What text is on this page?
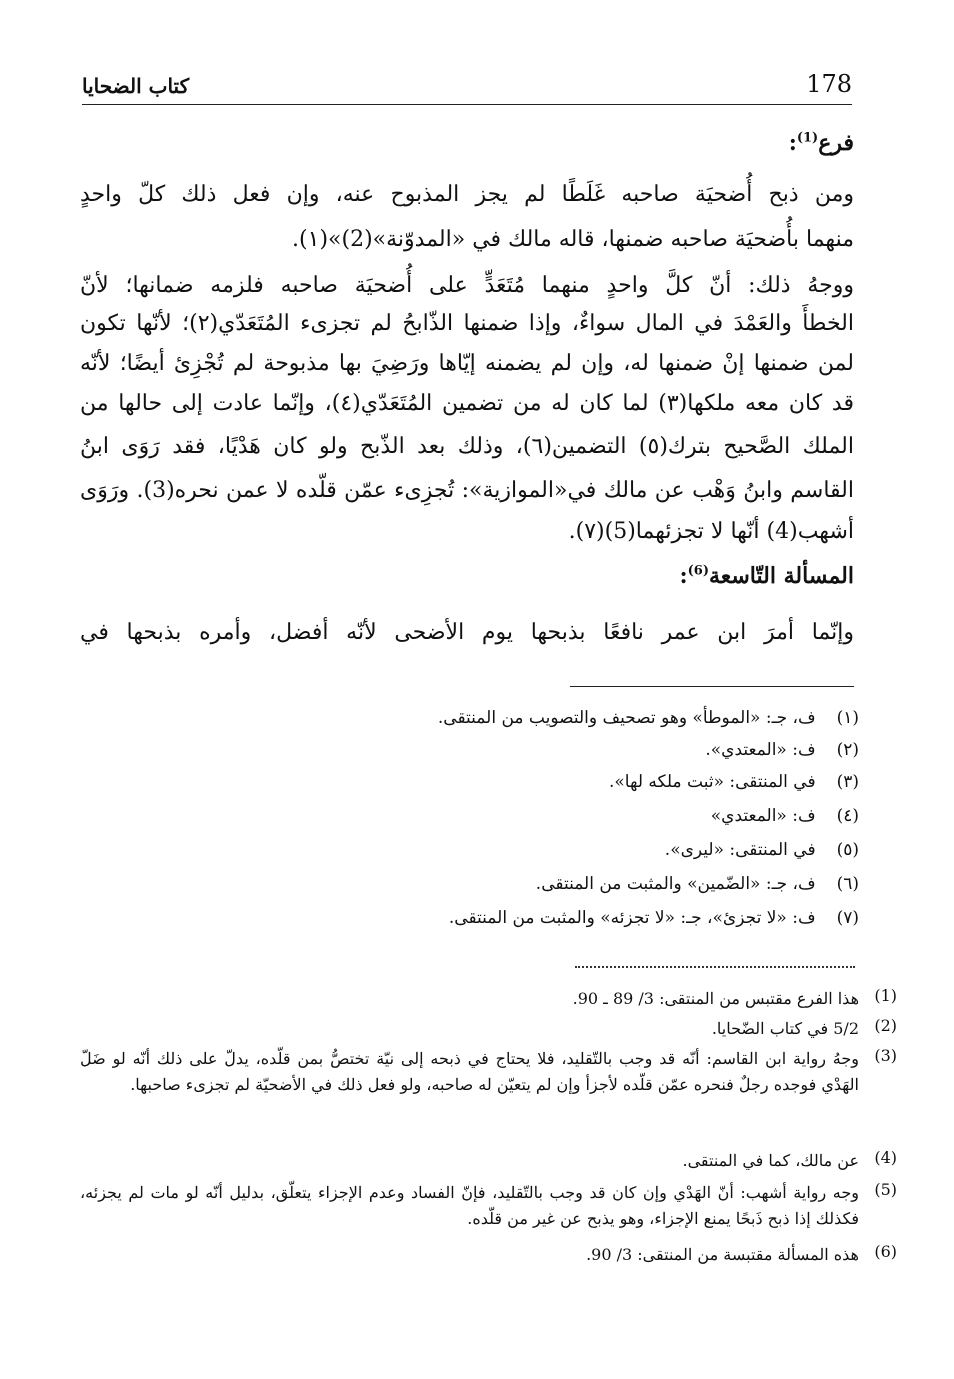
178
كتاب الضحايا
فرع$^{(1)}$:
ومن ذبح أُضحيَة صاحبه غَلَطًا لم يجز المذبوح عنه، وإن فعل ذلك كلّ واحدٍ
منهما بأُضحيَة صاحبه ضمنها، قاله مالك في «المدوّنة»(2)»(١).
ووجهُ ذلك: أنّ كلَّ واحدٍ منهما مُتَعَدٍّ على أُضحيَة صاحبه فلزمه ضمانها؛ لأنّ
الخطأَ والعَمْدَ في المال سواءٌ، وإذا ضمنها الذّابحُ لم تجزىء المُتَعَدّي(٢)؛ لأنّها تكون
لمن ضمنها إنْ ضمنها له، وإن لم يضمنه إيّاها ورَضِيَ بها مذبوحة لم تُجْزِئ أيضًا؛ لأنّه
قد كان معه ملكها(٣) لما كان له من تضمين المُتَعَدّي(٤)، وإنّما عادت إلى حالها من
الملك الصَّحيح بترك(٥) التضمين(٦)، وذلك بعد الذّبح ولو كان هَدْيًا، فقد رَوَى ابنُ
القاسم وابنُ وَهْب عن مالك في«الموازية»: تُجزِىء عمّن قلّده لا عمن نحره(3). ورَوَى
أشهب(4) أنّها لا تجزئهما(5)(٧).
المسألة التّاسعة$^{(6)}$:
وإنّما أمرَ ابن عمر نافعًا بذبحها يوم الأضحى لأنّه أفضل، وأمره بذبحها في
(١) ف، جـ: «الموطأ» وهو تصحيف والتصويب من المنتقى.
(٢) ف: «المعتدي».
(٣) في المنتقى: «ثبت ملكه لها».
(٤) ف: «المعتدي»
(٥) في المنتقى: «ليرى».
(٦) ف، جـ: «الضّمين» والمثبت من المنتقى.
(٧) ف: «لا تجزئ»، جـ: «لا تجزئه» والمثبت من المنتقى.
(1)
هذا الفرع مقتبس من المنتقى: 3/ 89 ـ 90.
(2)
5/2 في كتاب الضّحايا.
(3)
وجهُ رواية ابن القاسم: أنّه قد وجب بالتّقليد، فلا يحتاج في ذبحه إلى نيّة تختصُّ بمن قلّده، يدلّ على ذلك أنّه لو ضَلّ الهَدْي فوجده رجلٌ فنحره عمّن قلّده لأجزأ وإن لم يتعيّن له صاحبه، ولو فعل ذلك في الأضحيّة لم تجزىء صاحبها.
(4)
عن مالك، كما في المنتقى.
(5)
وجه رواية أشهب: أنّ الهَدْي وإن كان قد وجب بالتّقليد، فإنّ الفساد وعدم الإجزاء يتعلّق، بدليل أنّه لو مات لم يجزئه، فكذلك إذا ذبح ذَبحًا يمنع الإجزاء، وهو يذبح عن غير من قلّده.
(6)
هذه المسألة مقتبسة من المنتقى: 3/ 90.
